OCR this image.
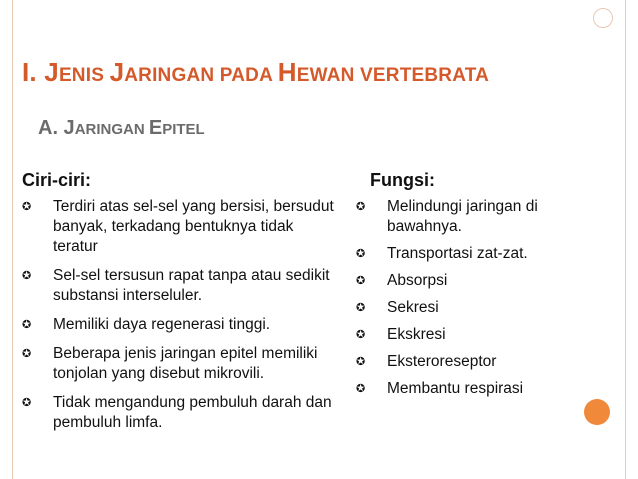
I. JENIS JARINGAN PADA HEWAN VERTEBRATA
A. JARINGAN EPITEL
Ciri-ciri:
✪ Terdiri atas sel-sel yang bersisi, bersudut banyak, terkadang bentuknya tidak teratur
✪ Sel-sel tersusun rapat tanpa atau sedikit substansi interseluler.
✪ Memiliki daya regenerasi tinggi.
✪ Beberapa jenis jaringan epitel memiliki tonjolan yang disebut mikrovili.
✪ Tidak mengandung pembuluh darah dan pembuluh limfa.
Fungsi:
✪ Melindungi jaringan di bawahnya.
✪ Transportasi zat-zat.
✪ Absorpsi
✪ Sekresi
✪ Ekskresi
✪ Eksteroreseptor
✪ Membantu respirasi
